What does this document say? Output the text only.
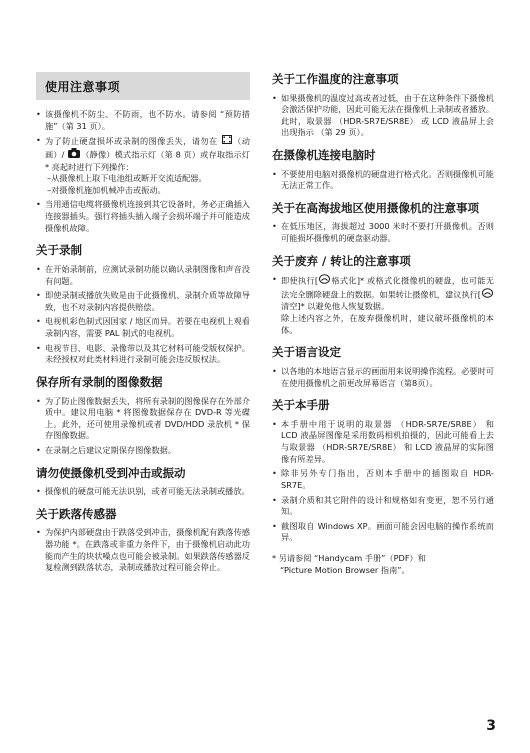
使用注意事项
• 该摄像机不防尘、不防雨，也不防水。请参阅 “预防措施”（第 31 页）。
• 为了防止硬盘损坏或录制的图像丢失，请勿在 （动画）/ （静像）模式指示灯（第 8 页）或存取指示灯 * 亮起时进行下列操作：
–从摄像机上取下电池组或断开交流适配器。
–对摄像机施加机械冲击或振动。
• 当用通信电缆将摄像机连接到其它设备时，务必正确插入连接器插头。强行将插头插入端子会损坏端子并可能造成摄像机故障。
关于录制
• 在开始录制前，应测试录制功能以确认录制图像和声音没有问题。
• 即使录制或播放失败是由于此摄像机、录制介质等故障导致，也不对录制内容提供赔偿。
• 电视机彩色制式因国家 / 地区而异。若要在电视机上观看录制内容，需要 PAL 制式的电视机。
• 电视节目、电影、录像带以及其它材料可能受版权保护。未经授权对此类材料进行录制可能会违反版权法。
保存所有录制的图像数据
• 为了防止图像数据丢失，将所有录制的图像保存在外部介质中。建议用电脑 * 将图像数据保存在 DVD-R 等光碟上。此外，还可使用录像机或者 DVD/HDD 录放机 * 保存图像数据。
• 在录制之后建议定期保存图像数据。
请勿使摄像机受到冲击或振动
• 摄像机的硬盘可能无法识别，或者可能无法录制或播放。
关于跌落传感器
• 为保护内部硬盘由于跌落受到冲击，摄像机配有跌落传感器功能 *。在跌落或非重力条件下，由于摄像机启动此功能而产生的块状噪点也可能会被录制。如果跌落传感器反复检测到跌落状态，录制或播放过程可能会停止。
关于工作温度的注意事项
• 如果摄像机的温度过高或者过低，由于在这种条件下摄像机会激活保护功能，因此可能无法在摄像机上录制或者播放。此时，取景器 （HDR-SR7E/SR8E） 或 LCD 液晶屏上会出现指示 （第 29 页）。
在摄像机连接电脑时
• 不要使用电脑对摄像机的硬盘进行格式化。否则摄像机可能无法正常工作。
关于在高海拔地区使用摄像机的注意事项
• 在低压地区，海拔超过 3000 米时不要打开摄像机。否则可能损坏摄像机的硬盘驱动器。
关于废弃 / 转让的注意事项
• 即使执行[ 格式化]* 或格式化摄像机的硬盘，也可能无法完全删除硬盘上的数据。如果转让摄像机，建议执行[清空]* 以避免他人恢复数据。
除上述内容之外，在废弃摄像机时，建议破坏摄像机的本体。
关于语言设定
• 以各地的本地语言显示的画面用来说明操作流程。必要时可在使用摄像机之前更改屏幕语言（第8页）。
关于本手册
• 本手册中用于说明的取景器 （HDR-SR7E/SR8E） 和 LCD 液晶屏图像是采用数码相机拍摄的，因此可能看上去与取景器 （HDR-SR7E/SR8E） 和 LCD 液晶屏的实际图像有所差异。
• 除非另外专门指出，否则本手册中的插图取自 HDR-SR7E。
• 录制介质和其它附件的设计和规格如有变更，恕不另行通知。
• 截图取自 Windows XP。画面可能会因电脑的操作系统而异。
* 另请参阅 “Handycam 手册”（PDF）和
“Picture Motion Browser 指南”。
3
